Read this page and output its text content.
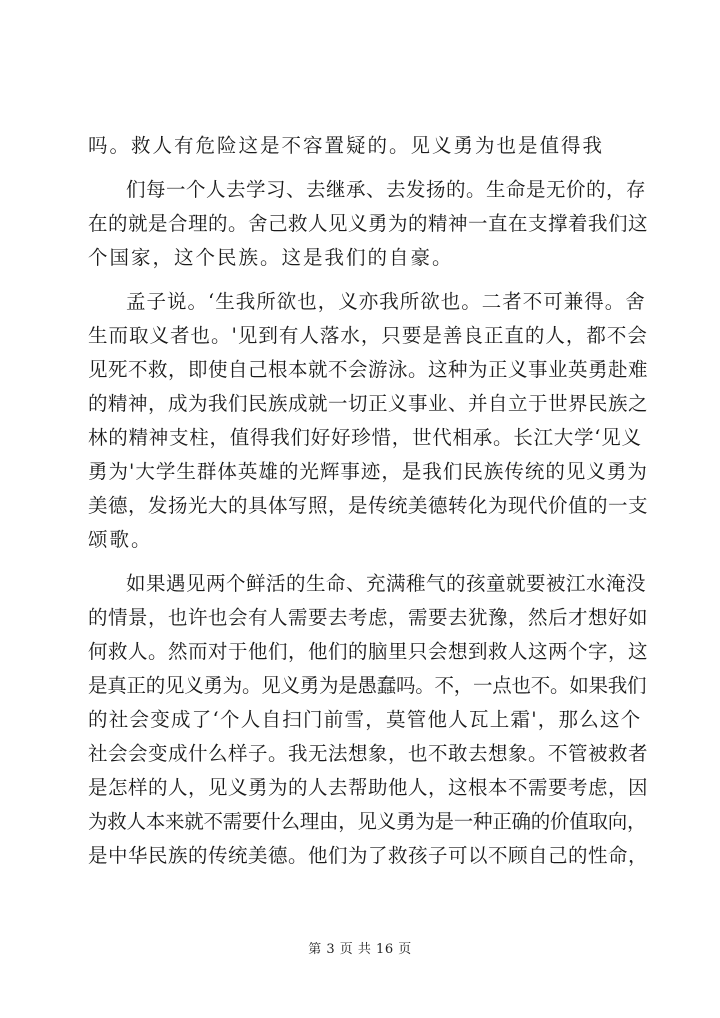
吗。救人有危险这是不容置疑的。见义勇为也是值得我
们每一个人去学习、去继承、去发扬的。生命是无价的，存
在的就是合理的。舍己救人见义勇为的精神一直在支撑着我们这
个国家，这个民族。这是我们的自豪。
孟子说。‘生我所欲也，义亦我所欲也。二者不可兼得。舍
生而取义者也。'见到有人落水，只要是善良正直的人，都不会
见死不救，即使自己根本就不会游泳。这种为正义事业英勇赴难
的精神，成为我们民族成就一切正义事业、并自立于世界民族之
林的精神支柱，值得我们好好珍惜，世代相承。长江大学‘见义
勇为'大学生群体英雄的光辉事迹，是我们民族传统的见义勇为
美德，发扬光大的具体写照，是传统美德转化为现代价值的一支
颂歌。
如果遇见两个鲜活的生命、充满稚气的孩童就要被江水淹没
的情景，也许也会有人需要去考虑，需要去犹豫，然后才想好如
何救人。然而对于他们，他们的脑里只会想到救人这两个字，这
是真正的见义勇为。见义勇为是愚蠢吗。不，一点也不。如果我们
的社会变成了‘个人自扫门前雪，莫管他人瓦上霜'，那么这个
社会会变成什么样子。我无法想象，也不敢去想象。不管被救者
是怎样的人，见义勇为的人去帮助他人，这根本不需要考虑，因
为救人本来就不需要什么理由，见义勇为是一种正确的价值取向，
是中华民族的传统美德。他们为了救孩子可以不顾自己的性命，
第 3 页 共 16 页
